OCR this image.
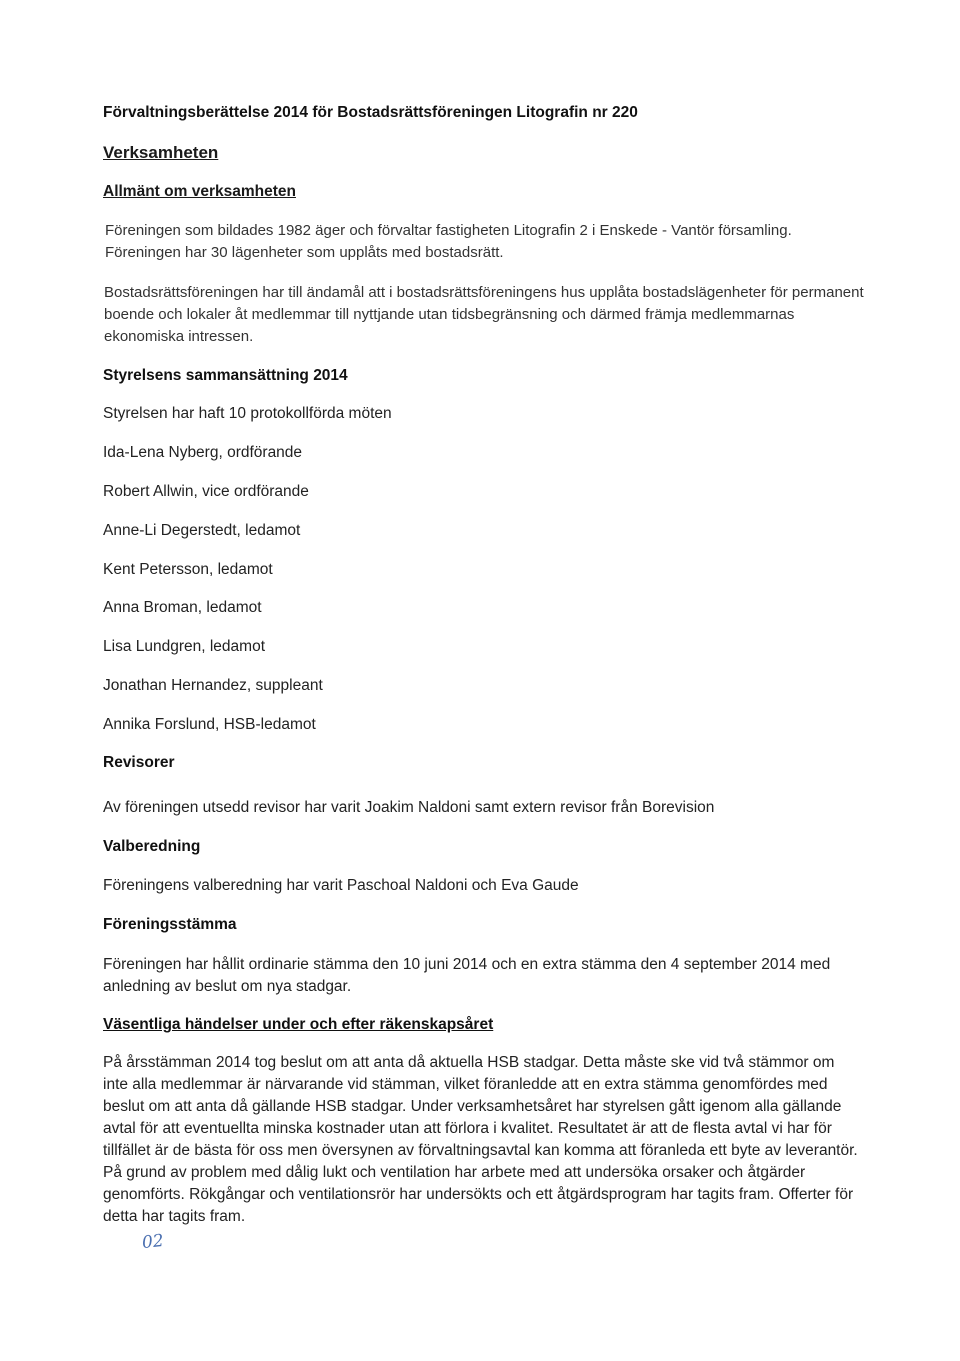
Förvaltningsberättelse 2014 för Bostadsrättsföreningen Litografin nr 220

Verksamheten

Allmänt om verksamheten

Föreningen som bildades 1982 äger och förvaltar fastigheten Litografin 2 i Enskede - Vantör församling. Föreningen har 30 lägenheter som upplåts med bostadsrätt.

Bostadsrättsföreningen har till ändamål att i bostadsrättsföreningens hus upplåta bostadslägenheter för permanent boende och lokaler åt medlemmar till nyttjande utan tidsbegränsning och därmed främja medlemmarnas ekonomiska intressen.

Styrelsens sammansättning 2014

Styrelsen har haft 10 protokollförda möten

Ida-Lena Nyberg, ordförande

Robert Allwin, vice ordförande

Anne-Li Degerstedt, ledamot

Kent Petersson, ledamot

Anna Broman, ledamot

Lisa Lundgren, ledamot

Jonathan Hernandez, suppleant

Annika Forslund, HSB-ledamot

Revisorer

Av föreningen utsedd revisor har varit Joakim Naldoni samt extern revisor från Borevision

Valberedning

Föreningens valberedning har varit Paschoal Naldoni och Eva Gaude

Föreningsstämma

Föreningen har hållit ordinarie stämma den 10 juni 2014 och en extra stämma den 4 september 2014 med anledning av beslut om nya stadgar.

Väsentliga händelser under och efter räkenskapsåret

På årsstämman 2014 tog beslut om att anta då aktuella HSB stadgar. Detta måste ske vid två stämmor om inte alla medlemmar är närvarande vid stämman, vilket föranledde att en extra stämma genomfördes med beslut om att anta då gällande HSB stadgar. Under verksamhetsåret har styrelsen gått igenom alla gällande avtal för att eventuellta minska kostnader utan att förlora i kvalitet. Resultatet är att de flesta avtal vi har för tillfället är de bästa för oss men översynen av förvaltningsavtal kan komma att föranleda ett byte av leverantör. På grund av problem med dålig lukt och ventilation har arbete med att undersöka orsaker och åtgärder genomförts. Rökgångar och ventilationsrör har undersökts och ett åtgärdsprogram har tagits fram. Offerter för detta har tagits fram.

02
